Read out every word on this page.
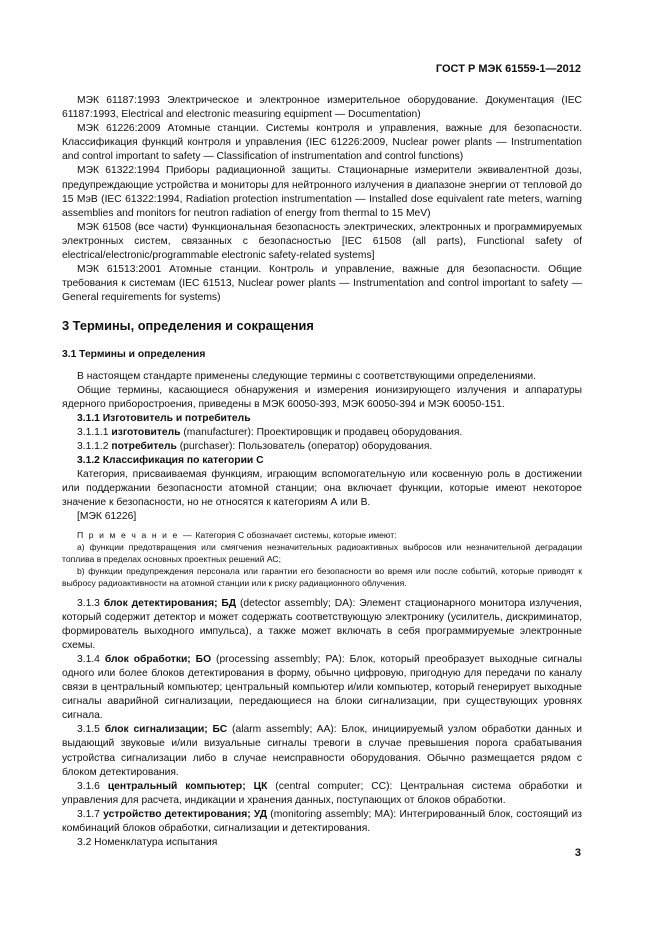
ГОСТ Р МЭК 61559-1—2012

МЭК 61187:1993 Электрическое и электронное измерительное оборудование. Документация (IEC 61187:1993, Electrical and electronic measuring equipment — Documentation)

МЭК 61226:2009 Атомные станции. Системы контроля и управления, важные для безопасности. Классификация функций контроля и управления (IEC 61226:2009, Nuclear power plants — Instrumentation and control important to safety — Classification of instrumentation and control functions)

МЭК 61322:1994 Приборы радиационной защиты. Стационарные измерители эквивалентной дозы, предупреждающие устройства и мониторы для нейтронного излучения в диапазоне энергии от тепловой до 15 МэВ (IEC 61322:1994, Radiation protection instrumentation — Installed dose equivalent rate meters, warning assemblies and monitors for neutron radiation of energy from thermal to 15 MeV)

МЭК 61508 (все части) Функциональная безопасность электрических, электронных и программируемых электронных систем, связанных с безопасностью [IEC 61508 (all parts), Functional safety of electrical/electronic/programmable electronic safety-related systems]

МЭК 61513:2001 Атомные станции. Контроль и управление, важные для безопасности. Общие требования к системам (IEC 61513, Nuclear power plants — Instrumentation and control important to safety — General requirements for systems)

3 Термины, определения и сокращения
3.1 Термины и определения

В настоящем стандарте применены следующие термины с соответствующими определениями.

Общие термины, касающиеся обнаружения и измерения ионизирующего излучения и аппаратуры ядерного приборостроения, приведены в МЭК 60050-393, МЭК 60050-394 и МЭК 60050-151.

3.1.1 Изготовитель и потребитель

3.1.1.1 изготовитель (manufacturer): Проектировщик и продавец оборудования.

3.1.1.2 потребитель (purchaser): Пользователь (оператор) оборудования.

3.1.2 Классификация по категории С

Категория, присваиваемая функциям, играющим вспомогательную или косвенную роль в достижении или поддержании безопасности атомной станции; она включает функции, которые имеют некоторое значение к безопасности, но не относятся к категориям А или В.

[МЭК 61226]

П р и м е ч а н и е — Категория С обозначает системы, которые имеют:

а) функции предотвращения или смягчения незначительных радиоактивных выбросов или незначительной деградации топлива в пределах основных проектных решений АС;

b) функции предупреждения персонала или гарантии его безопасности во время или после событий, которые приводят к выбросу радиоактивности на атомной станции или к риску радиационного облучения.

3.1.3 блок детектирования; БД (detector assembly; DA): Элемент стационарного монитора излучения, который содержит детектор и может содержать соответствующую электронику (усилитель, дискриминатор, формирователь выходного импульса), а также может включать в себя программируемые электронные схемы.

3.1.4 блок обработки; БО (processing assembly; PA): Блок, который преобразует выходные сигналы одного или более блоков детектирования в форму, обычно цифровую, пригодную для передачи по каналу связи в центральный компьютер; центральный компьютер и/или компьютер, который генерирует выходные сигналы аварийной сигнализации, передающиеся на блоки сигнализации, при существующих уровнях сигнала.

3.1.5 блок сигнализации; БС (alarm assembly; AA): Блок, инициируемый узлом обработки данных и выдающий звуковые и/или визуальные сигналы тревоги в случае превышения порога срабатывания устройства сигнализации либо в случае неисправности оборудования. Обычно размещается рядом с блоком детектирования.

3.1.6 центральный компьютер; ЦК (central computer; CC): Центральная система обработки и управления для расчета, индикации и хранения данных, поступающих от блоков обработки.

3.1.7 устройство детектирования; УД (monitoring assembly; MA): Интегрированный блок, состоящий из комбинаций блоков обработки, сигнализации и детектирования.

3.2 Номенклатура испытания

3
